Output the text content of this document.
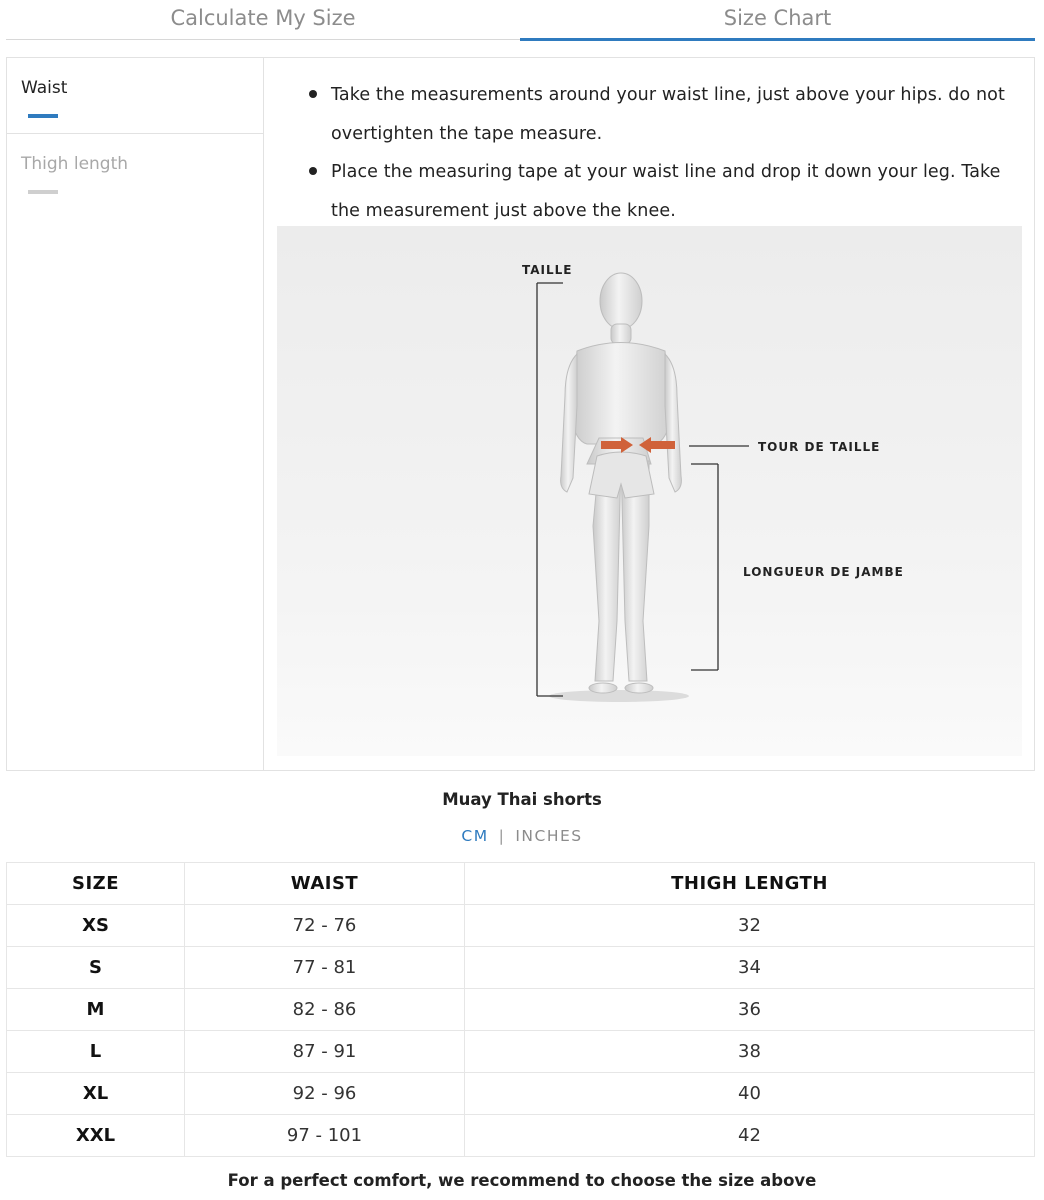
Calculate My Size	Size Chart
Waist
Thigh length
Take the measurements around your waist line, just above your hips. do not overtighten the tape measure.
Place the measuring tape at your waist line and drop it down your leg. Take the measurement just above the knee.
TAILLE
TOUR DE TAILLE
LONGUEUR DE JAMBE
Muay Thai shorts
CM | INCHES
SIZE	WAIST	THIGH LENGTH
XS	72 - 76	32
S	77 - 81	34
M	82 - 86	36
L	87 - 91	38
XL	92 - 96	40
XXL	97 - 101	42
For a perfect comfort, we recommend to choose the size above
